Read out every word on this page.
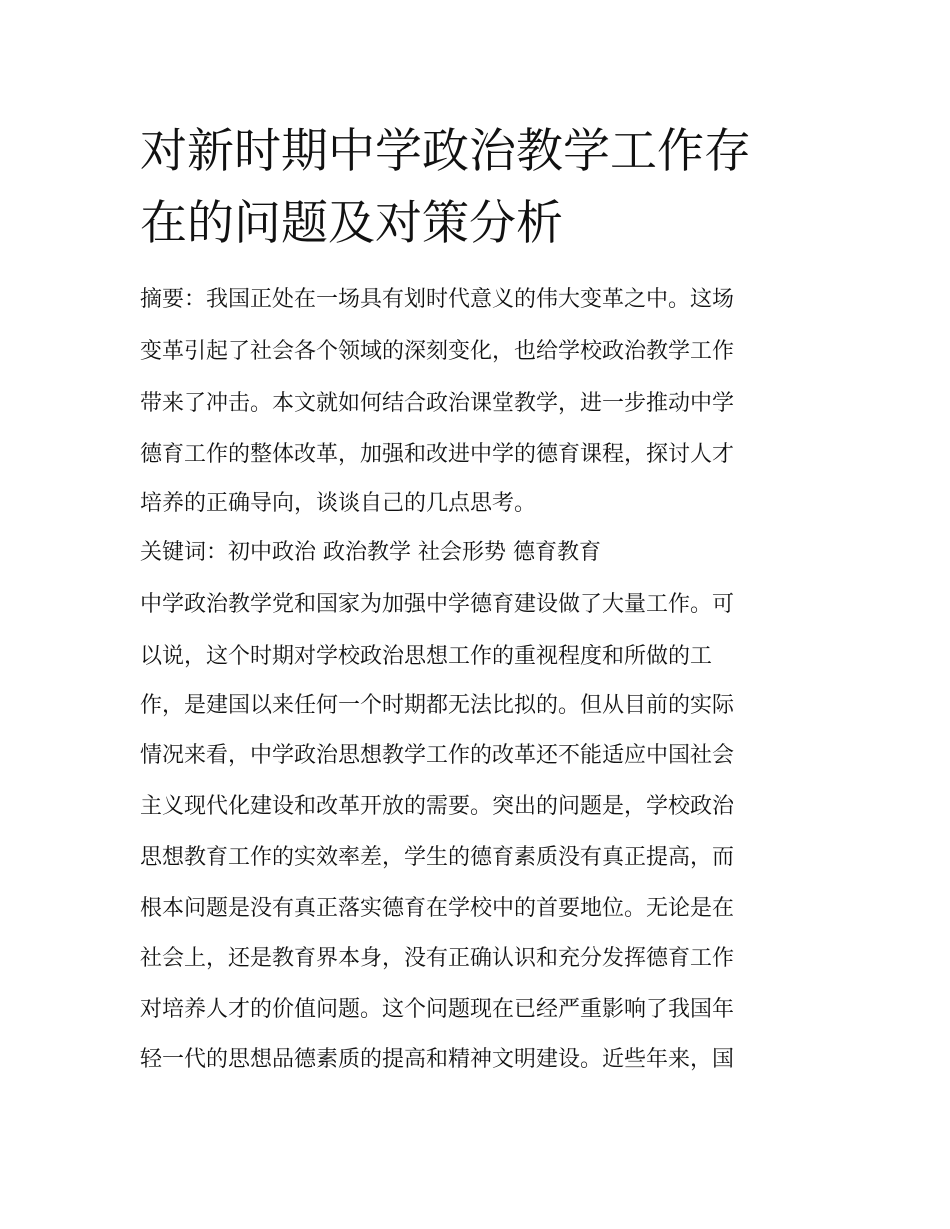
对新时期中学政治教学工作存
在的问题及对策分析
摘要：我国正处在一场具有划时代意义的伟大变革之中。这场
变革引起了社会各个领域的深刻变化，也给学校政治教学工作
带来了冲击。本文就如何结合政治课堂教学，进一步推动中学
德育工作的整体改革，加强和改进中学的德育课程，探讨人才
培养的正确导向，谈谈自己的几点思考。
关键词：初中政治 政治教学 社会形势 德育教育
中学政治教学党和国家为加强中学德育建设做了大量工作。可
以说，这个时期对学校政治思想工作的重视程度和所做的工
作，是建国以来任何一个时期都无法比拟的。但从目前的实际
情况来看，中学政治思想教学工作的改革还不能适应中国社会
主义现代化建设和改革开放的需要。突出的问题是，学校政治
思想教育工作的实效率差，学生的德育素质没有真正提高，而
根本问题是没有真正落实德育在学校中的首要地位。无论是在
社会上，还是教育界本身，没有正确认识和充分发挥德育工作
对培养人才的价值问题。这个问题现在已经严重影响了我国年
轻一代的思想品德素质的提高和精神文明建设。近些年来，国
